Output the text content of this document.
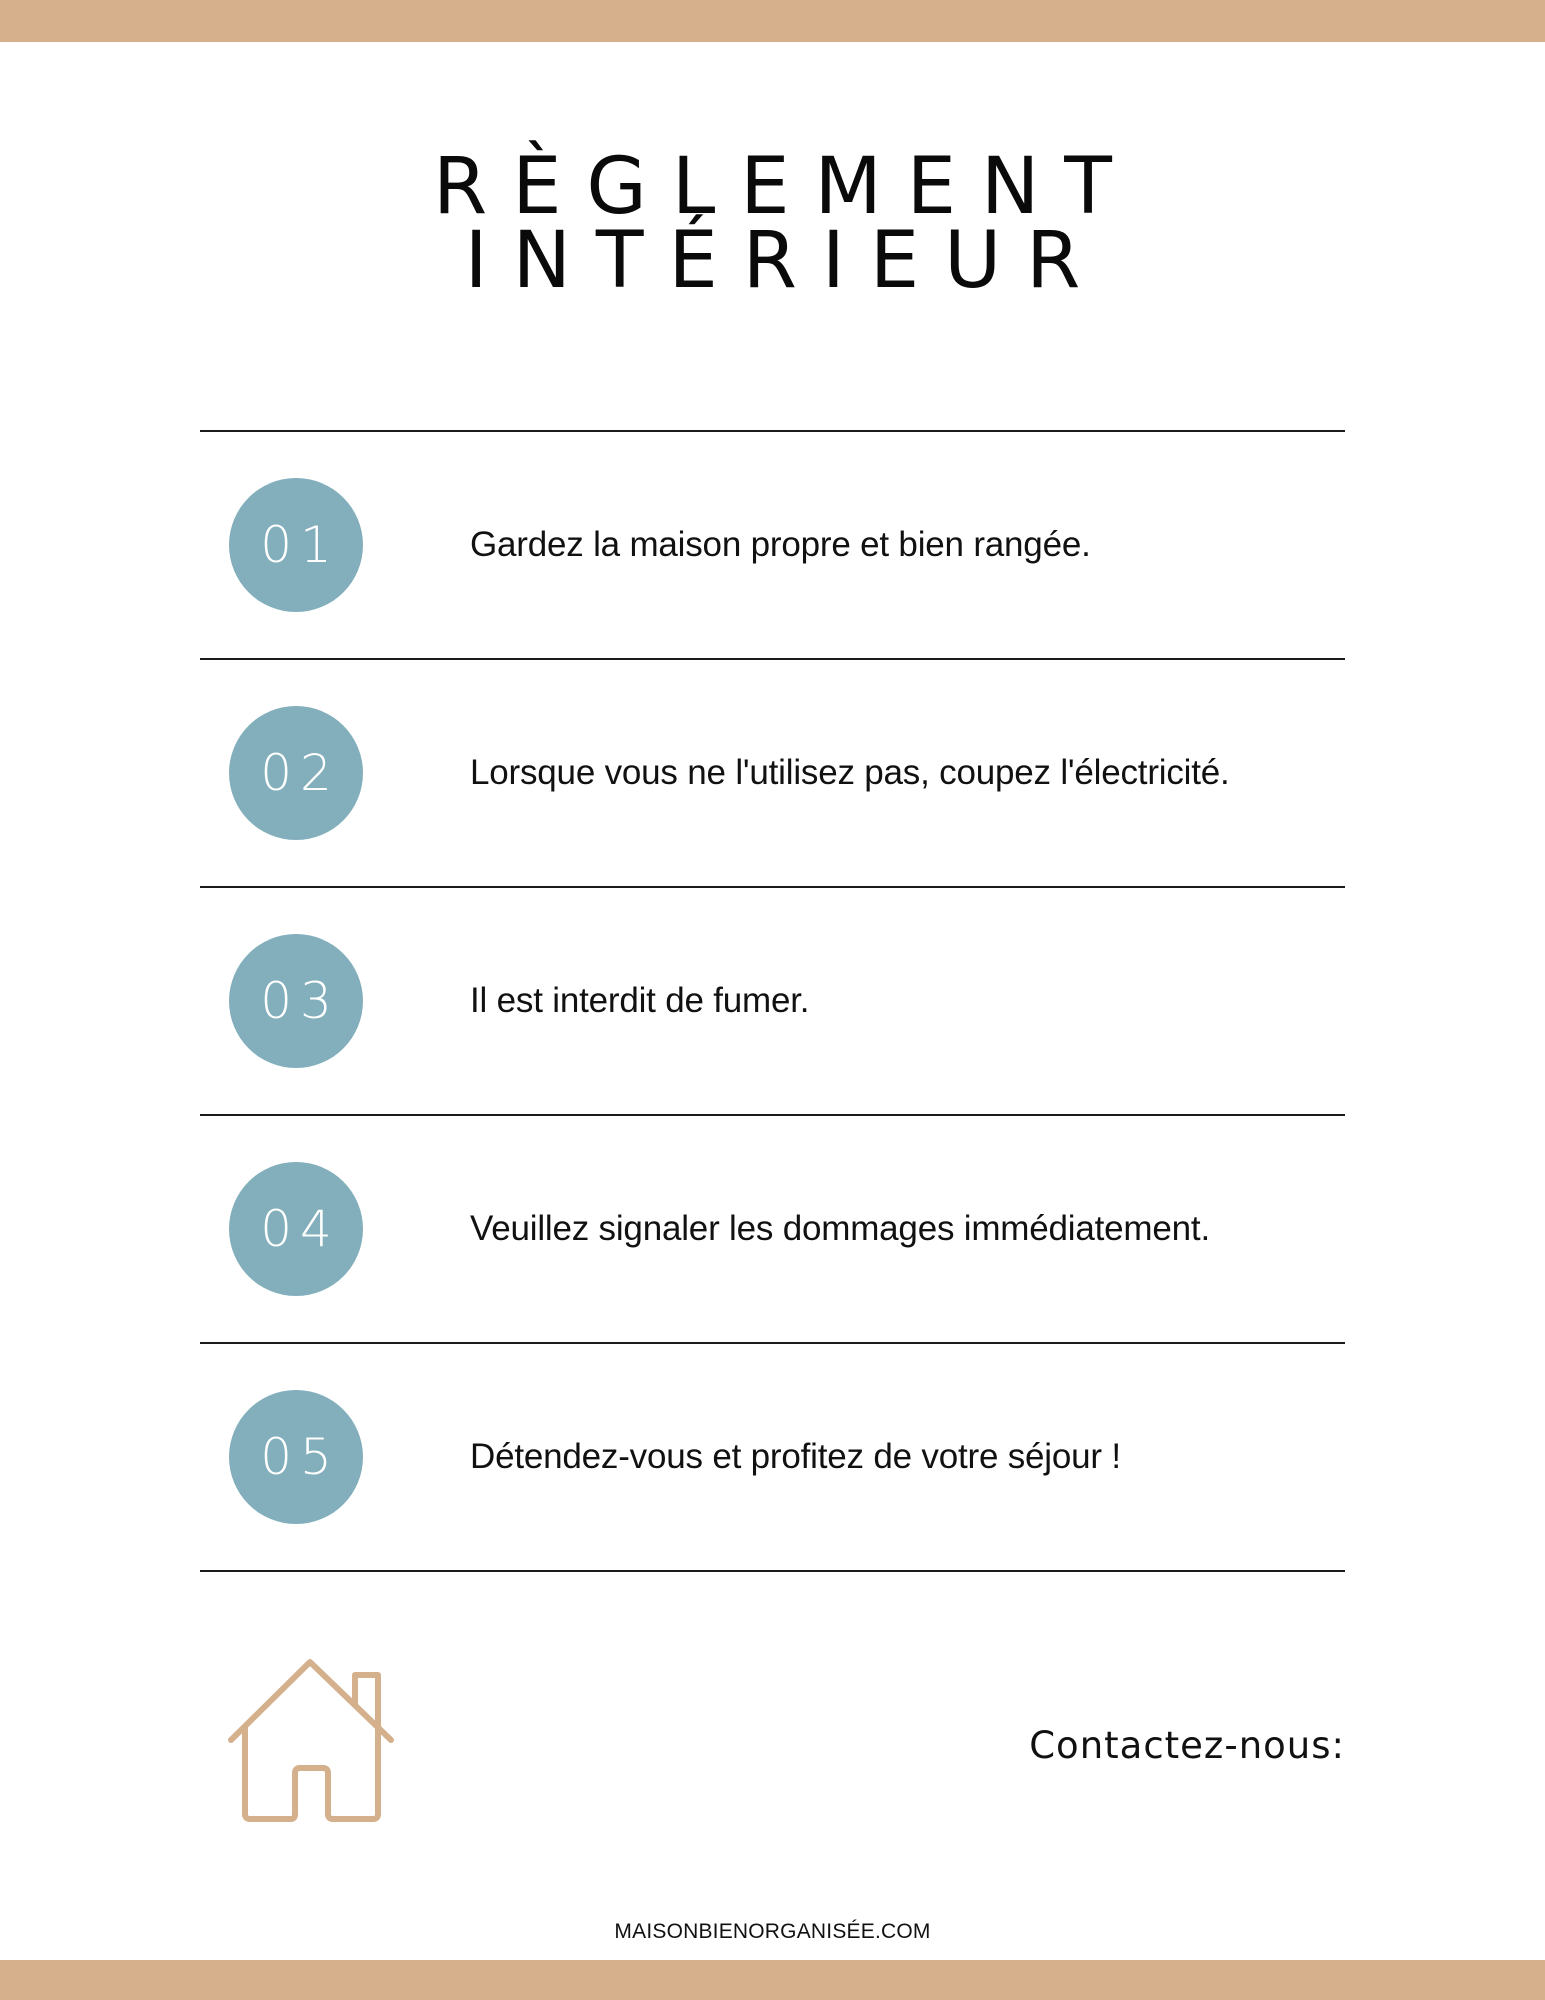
RÈGLEMENT
INTÉRIEUR
01	Gardez la maison propre et bien rangée.
02	Lorsque vous ne l'utilisez pas, coupez l'électricité.
03	Il est interdit de fumer.
04	Veuillez signaler les dommages immédiatement.
05	Détendez-vous et profitez de votre séjour !
Contactez-nous:
MAISONBIENORGANISÉE.COM
